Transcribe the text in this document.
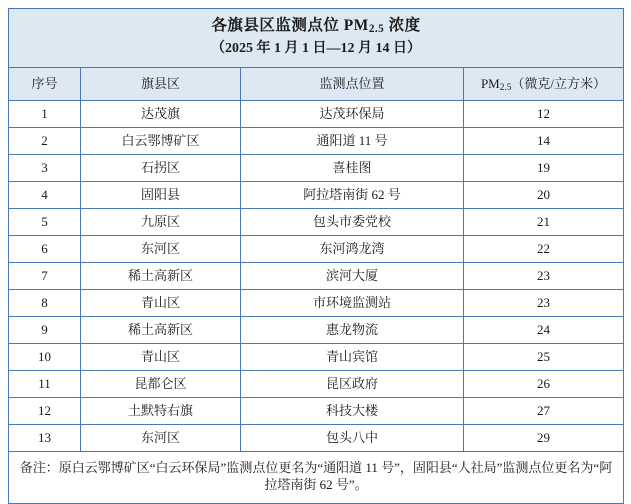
各旗县区监测点位 $PM_{2.5}$ 浓度
（2025 年 1 月 1 日—12 月 14 日）			

序号	旗县区	监测点位置	$PM_{2.5}$（微克/立方米）
1	达茂旗	达茂环保局	12
2	白云鄂博矿区	通阳道 11 号	14
3	石拐区	喜桂图	19
4	固阳县	阿拉塔南街 62 号	20
5	九原区	包头市委党校	21
6	东河区	东河鸿龙湾	22
7	稀土高新区	滨河大厦	23
8	青山区	市环境监测站	23
9	稀土高新区	惠龙物流	24
10	青山区	青山宾馆	25
11	昆都仑区	昆区政府	26
12	土默特右旗	科技大楼	27
13	东河区	包头八中	29
备注：原白云鄂博矿区“白云环保局”监测点位更名为“通阳道 11 号”，固阳县“人社局”监测点位更名为“阿拉塔南街 62 号”。			
